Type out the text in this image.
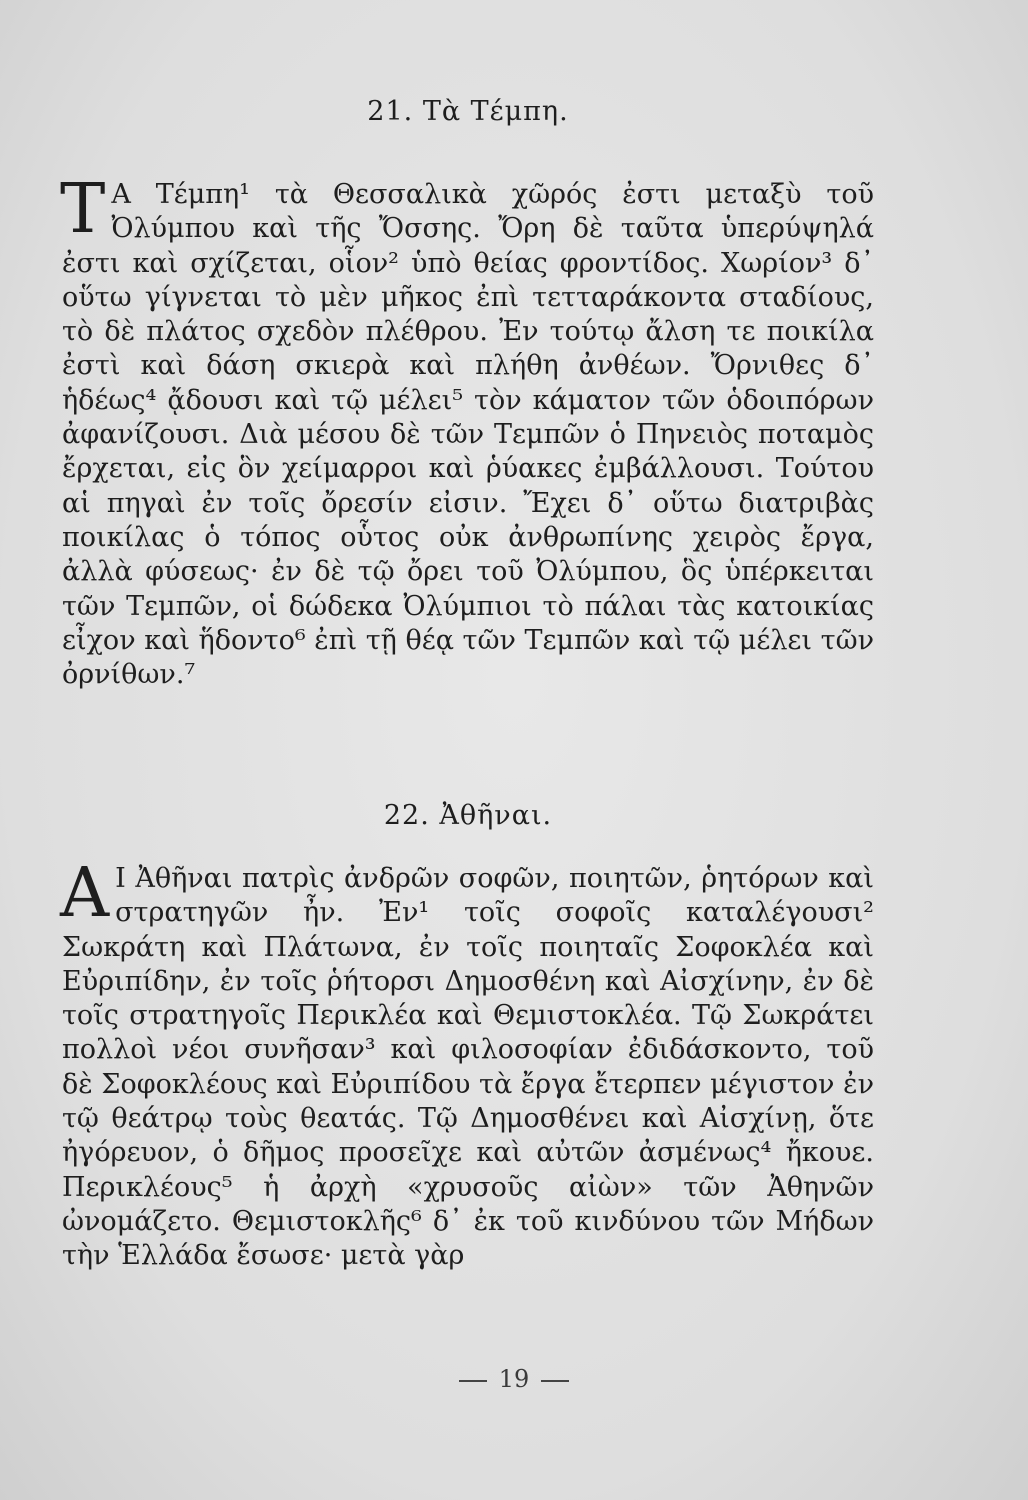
21. Τὰ Τέμπη.

T Α Τέμπη¹ τὰ Θεσσαλικὰ χῶρός ἐστι μεταξὺ τοῦ Ὀλύμπου καὶ τῆς Ὄσσης. Ὄρη δὲ ταῦτα ὑπερύψηλά ἐστι καὶ σχίζεται, οἷον² ὑπὸ θείας φροντίδος. Χωρίον³ δ᾿ οὕτω γίγνεται τὸ μὲν μῆκος ἐπὶ τετταράκοντα σταδίους, τὸ δὲ πλάτος σχεδὸν πλέθρου. Ἐν τούτῳ ἄλση τε ποικίλα ἐστὶ καὶ δάση σκιερὰ καὶ πλήθη ἀνθέων. Ὄρνιθες δ᾿ ἡδέως⁴ ᾄδουσι καὶ τῷ μέλει⁵ τὸν κάματον τῶν ὁδοιπόρων ἀφανίζουσι. Διὰ μέσου δὲ τῶν Τεμπῶν ὁ Πηνειὸς ποταμὸς ἔρχεται, εἰς ὃν χείμαρροι καὶ ῥύακες ἐμβάλλουσι. Τούτου αἱ πηγαὶ ἐν τοῖς ὄρεσίν εἰσιν. Ἔχει δ᾿ οὕτω διατριβὰς ποικίλας ὁ τόπος οὗτος οὐκ ἀνθρωπίνης χειρὸς ἔργα, ἀλλὰ φύσεως· ἐν δὲ τῷ ὄρει τοῦ Ὀλύμπου, ὃς ὑπέρκειται τῶν Τεμπῶν, οἱ δώδεκα Ὀλύμπιοι τὸ πάλαι τὰς κατοικίας εἶχον καὶ ἥδοντο⁶ ἐπὶ τῇ θέᾳ τῶν Τεμπῶν καὶ τῷ μέλει τῶν ὀρνίθων.⁷

22. Ἀθῆναι.

A Ι Ἀθῆναι πατρὶς ἀνδρῶν σοφῶν, ποιητῶν, ῥητόρων καὶ στρατηγῶν ἦν. Ἐν¹ τοῖς σοφοῖς καταλέγουσι² Σωκράτη καὶ Πλάτωνα, ἐν τοῖς ποιηταῖς Σοφοκλέα καὶ Εὐριπίδην, ἐν τοῖς ῥήτορσι Δημοσθένη καὶ Αἰσχίνην, ἐν δὲ τοῖς στρατηγοῖς Περικλέα καὶ Θεμιστοκλέα. Τῷ Σωκράτει πολλοὶ νέοι συνῆσαν³ καὶ φιλοσοφίαν ἐδιδάσκοντο, τοῦ δὲ Σοφοκλέους καὶ Εὐριπίδου τὰ ἔργα ἔτερπεν μέγιστον ἐν τῷ θεάτρῳ τοὺς θεατάς. Τῷ Δημοσθένει καὶ Αἰσχίνῃ, ὅτε ἠγόρευον, ὁ δῆμος προσεῖχε καὶ αὐτῶν ἀσμένως⁴ ἤκουε. Περικλέους⁵ ἡ ἀρχὴ «χρυσοῦς αἰὼν» τῶν Ἀθηνῶν ὠνομάζετο. Θεμιστοκλῆς⁶ δ᾿ ἐκ τοῦ κινδύνου τῶν Μήδων τὴν Ἑλλάδα ἔσωσε· μετὰ γὰρ

19
